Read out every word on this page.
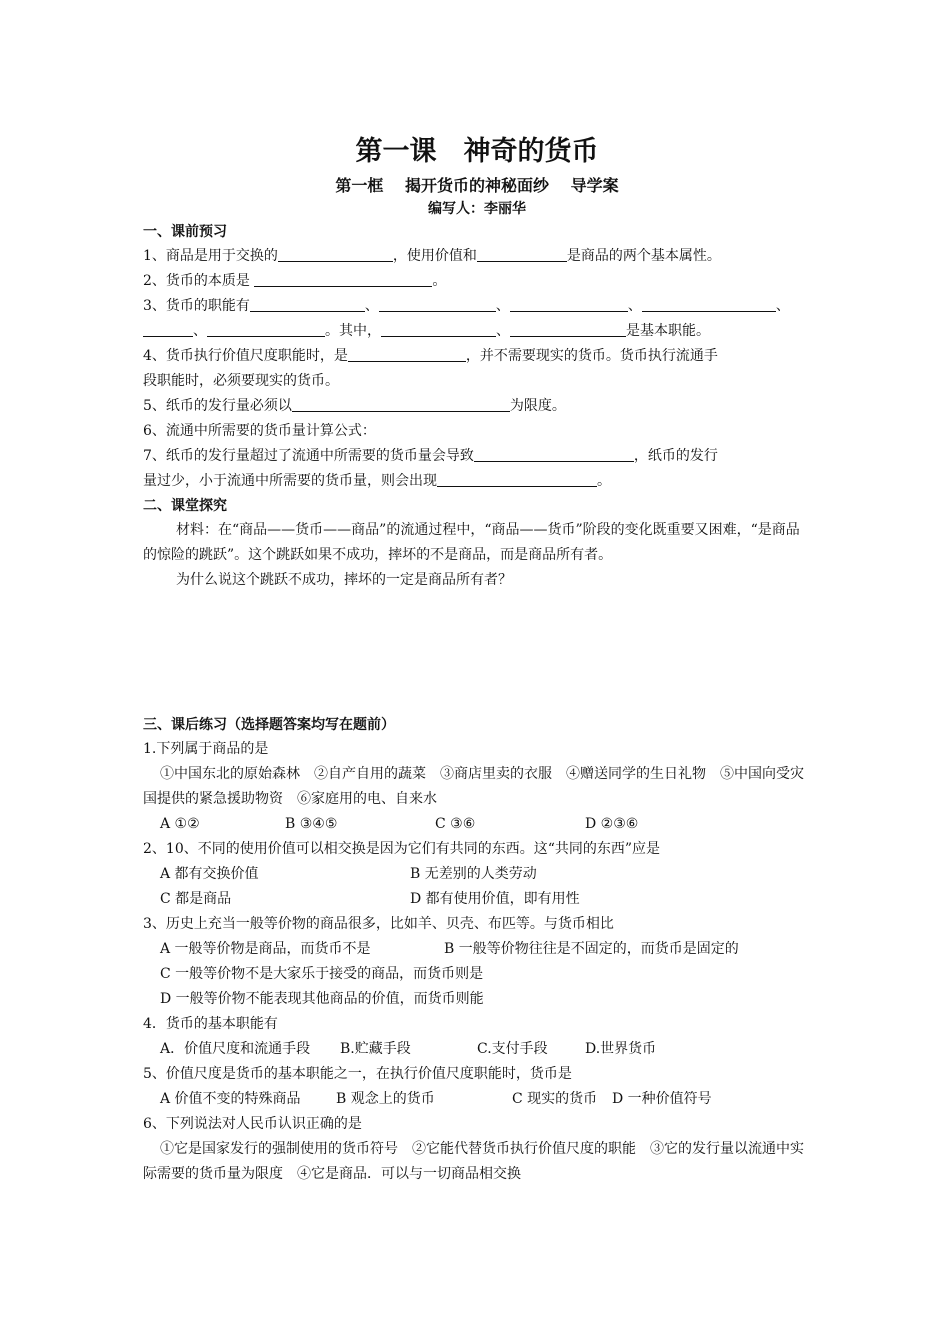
第一课　神奇的货币
第一框　 揭开货币的神秘面纱　 导学案
编写人：李丽华
一、课前预习

1、商品是用于交换的	，使用价值和	是商品的两个基本属性。

2、货币的本质是	。

3、货币的职能有	、	、	、	、

、	。其中，	、	是基本职能。

4、货币执行价值尺度职能时，是	，并不需要现实的货币。货币执行流通手

段职能时，必须要现实的货币。

5、纸币的发行量必须以	为限度。

6、流通中所需要的货币量计算公式：

7、纸币的发行量超过了流通中所需要的货币量会导致	，纸币的发行

量过少，小于流通中所需要的货币量，则会出现	。

二、课堂探究

材料：在“商品——货币——商品”的流通过程中，“商品——货币”阶段的变化既重要又困难，“是商品的惊险的跳跃”。这个跳跃如果不成功，摔坏的不是商品，而是商品所有者。

为什么说这个跳跃不成功，摔坏的一定是商品所有者？

三、课后练习（选择题答案均写在题前）

1.下列属于商品的是

①中国东北的原始森林　②自产自用的蔬菜　③商店里卖的衣服　④赠送同学的生日礼物　⑤中国向受灾国提供的紧急援助物资　⑥家庭用的电、自来水

A ①②	B ③④⑤	C ③⑥	D ②③⑥

2、10、不同的使用价值可以相交换是因为它们有共同的东西。这“共同的东西”应是

A 都有交换价值	B 无差别的人类劳动

C 都是商品	D 都有使用价值，即有用性

3、历史上充当一般等价物的商品很多，比如羊、贝壳、布匹等。与货币相比

A 一般等价物是商品，而货币不是	B 一般等价物往往是不固定的，而货币是固定的

C 一般等价物不是大家乐于接受的商品，而货币则是

D 一般等价物不能表现其他商品的价值，而货币则能

4．货币的基本职能有

A．价值尺度和流通手段 B.贮藏手段	C.支付手段	D.世界货币

5、价值尺度是货币的基本职能之一，在执行价值尺度职能时，货币是

A 价值不变的特殊商品	B 观念上的货币	C 现实的货币 D 一种价值符号

6、下列说法对人民币认识正确的是

①它是国家发行的强制使用的货币符号　②它能代替货币执行价值尺度的职能　③它的发行量以流通中实际需要的货币量为限度　④它是商品．可以与一切商品相交换
